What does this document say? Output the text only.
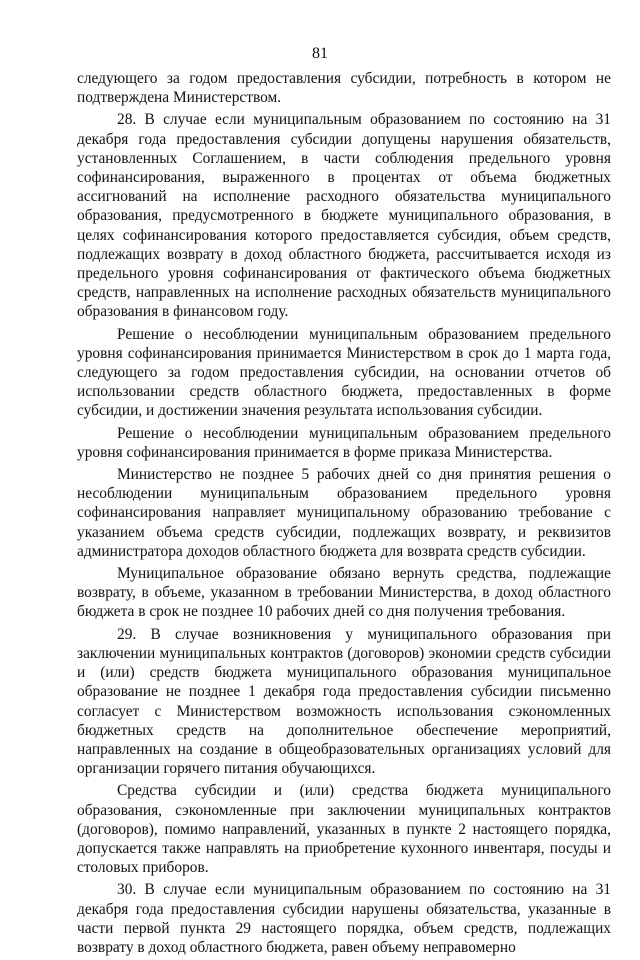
81

следующего за годом предоставления субсидии, потребность в котором не подтверждена Министерством.

28. В случае если муниципальным образованием по состоянию на 31 декабря года предоставления субсидии допущены нарушения обязательств, установленных Соглашением, в части соблюдения предельного уровня софинансирования, выраженного в процентах от объема бюджетных ассигнований на исполнение расходного обязательства муниципального образования, предусмотренного в бюджете муниципального образования, в целях софинансирования которого предоставляется субсидия, объем средств, подлежащих возврату в доход областного бюджета, рассчитывается исходя из предельного уровня софинансирования от фактического объема бюджетных средств, направленных на исполнение расходных обязательств муниципального образования в финансовом году.

Решение о несоблюдении муниципальным образованием предельного уровня софинансирования принимается Министерством в срок до 1 марта года, следующего за годом предоставления субсидии, на основании отчетов об использовании средств областного бюджета, предоставленных в форме субсидии, и достижении значения результата использования субсидии.

Решение о несоблюдении муниципальным образованием предельного уровня софинансирования принимается в форме приказа Министерства.

Министерство не позднее 5 рабочих дней со дня принятия решения о несоблюдении муниципальным образованием предельного уровня софинансирования направляет муниципальному образованию требование с указанием объема средств субсидии, подлежащих возврату, и реквизитов администратора доходов областного бюджета для возврата средств субсидии.

Муниципальное образование обязано вернуть средства, подлежащие возврату, в объеме, указанном в требовании Министерства, в доход областного бюджета в срок не позднее 10 рабочих дней со дня получения требования.

29. В случае возникновения у муниципального образования при заключении муниципальных контрактов (договоров) экономии средств субсидии и (или) средств бюджета муниципального образования муниципальное образование не позднее 1 декабря года предоставления субсидии письменно согласует с Министерством возможность использования сэкономленных бюджетных средств на дополнительное обеспечение мероприятий, направленных на создание в общеобразовательных организациях условий для организации горячего питания обучающихся.

Средства субсидии и (или) средства бюджета муниципального образования, сэкономленные при заключении муниципальных контрактов (договоров), помимо направлений, указанных в пункте 2 настоящего порядка, допускается также направлять на приобретение кухонного инвентаря, посуды и столовых приборов.

30. В случае если муниципальным образованием по состоянию на 31 декабря года предоставления субсидии нарушены обязательства, указанные в части первой пункта 29 настоящего порядка, объем средств, подлежащих возврату в доход областного бюджета, равен объему неправомерно
